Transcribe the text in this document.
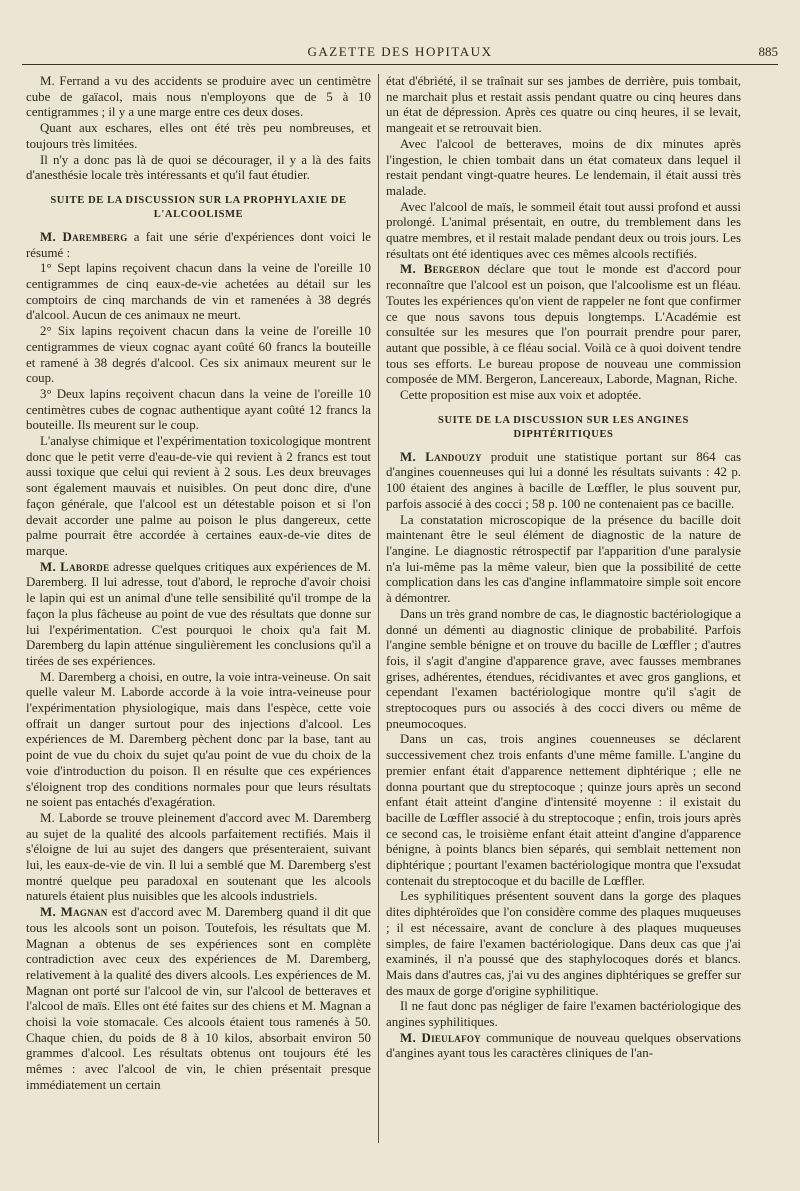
GAZETTE DES HOPITAUX	885

M. Ferrand a vu des accidents se produire avec un centimètre cube de gaïacol, mais nous n'employons que de 5 à 10 centigrammes ; il y a une marge entre ces deux doses.

Quant aux eschares, elles ont été très peu nombreuses, et toujours très limitées.

Il n'y a donc pas là de quoi se décourager, il y a là des faits d'anesthésie locale très intéressants et qu'il faut étudier.

SUITE DE LA DISCUSSION SUR LA PROPHYLAXIE DE L'ALCOOLISME

M. Daremberg a fait une série d'expériences dont voici le résumé :

1° Sept lapins reçoivent chacun dans la veine de l'oreille 10 centigrammes de cinq eaux-de-vie achetées au détail sur les comptoirs de cinq marchands de vin et ramenées à 38 degrés d'alcool. Aucun de ces animaux ne meurt.

2° Six lapins reçoivent chacun dans la veine de l'oreille 10 centigrammes de vieux cognac ayant coûté 60 francs la bouteille et ramené à 38 degrés d'alcool. Ces six animaux meurent sur le coup.

3° Deux lapins reçoivent chacun dans la veine de l'oreille 10 centimètres cubes de cognac authentique ayant coûté 12 francs la bouteille. Ils meurent sur le coup.

L'analyse chimique et l'expérimentation toxicologique montrent donc que le petit verre d'eau-de-vie qui revient à 2 francs est tout aussi toxique que celui qui revient à 2 sous. Les deux breuvages sont également mauvais et nuisibles. On peut donc dire, d'une façon générale, que l'alcool est un détestable poison et si l'on devait accorder une palme au poison le plus dangereux, cette palme pourrait être accordée à certaines eaux-de-vie dites de marque.

M. Laborde adresse quelques critiques aux expériences de M. Daremberg. Il lui adresse, tout d'abord, le reproche d'avoir choisi le lapin qui est un animal d'une telle sensibilité qu'il trompe de la façon la plus fâcheuse au point de vue des résultats que donne sur lui l'expérimentation. C'est pourquoi le choix qu'a fait M. Daremberg du lapin atténue singulièrement les conclusions qu'il a tirées de ses expériences.

M. Daremberg a choisi, en outre, la voie intra-veineuse. On sait quelle valeur M. Laborde accorde à la voie intra-veineuse pour l'expérimentation physiologique, mais dans l'espèce, cette voie offrait un danger surtout pour des injections d'alcool. Les expériences de M. Daremberg pèchent donc par la base, tant au point de vue du choix du sujet qu'au point de vue du choix de la voie d'introduction du poison. Il en résulte que ces expériences s'éloignent trop des conditions normales pour que leurs résultats ne soient pas entachés d'exagération.

M. Laborde se trouve pleinement d'accord avec M. Daremberg au sujet de la qualité des alcools parfaitement rectifiés. Mais il s'éloigne de lui au sujet des dangers que présenteraient, suivant lui, les eaux-de-vie de vin. Il lui a semblé que M. Daremberg s'est montré quelque peu paradoxal en soutenant que les alcools naturels étaient plus nuisibles que les alcools industriels.

M. Magnan est d'accord avec M. Daremberg quand il dit que tous les alcools sont un poison. Toutefois, les résultats que M. Magnan a obtenus de ses expériences sont en complète contradiction avec ceux des expériences de M. Daremberg, relativement à la qualité des divers alcools. Les expériences de M. Magnan ont porté sur l'alcool de vin, sur l'alcool de betteraves et l'alcool de maïs. Elles ont été faites sur des chiens et M. Magnan a choisi la voie stomacale. Ces alcools étaient tous ramenés à 50. Chaque chien, du poids de 8 à 10 kilos, absorbait environ 50 grammes d'alcool. Les résultats obtenus ont toujours été les mêmes : avec l'alcool de vin, le chien présentait presque immédiatement un certain

état d'ébriété, il se traînait sur ses jambes de derrière, puis tombait, ne marchait plus et restait assis pendant quatre ou cinq heures dans un état de dépression. Après ces quatre ou cinq heures, il se levait, mangeait et se retrouvait bien.

Avec l'alcool de betteraves, moins de dix minutes après l'ingestion, le chien tombait dans un état comateux dans lequel il restait pendant vingt-quatre heures. Le lendemain, il était aussi très malade.

Avec l'alcool de maïs, le sommeil était tout aussi profond et aussi prolongé. L'animal présentait, en outre, du tremblement dans les quatre membres, et il restait malade pendant deux ou trois jours. Les résultats ont été identiques avec ces mêmes alcools rectifiés.

M. Bergeron déclare que tout le monde est d'accord pour reconnaître que l'alcool est un poison, que l'alcoolisme est un fléau. Toutes les expériences qu'on vient de rappeler ne font que confirmer ce que nous savons tous depuis longtemps. L'Académie est consultée sur les mesures que l'on pourrait prendre pour parer, autant que possible, à ce fléau social. Voilà ce à quoi doivent tendre tous ses efforts. Le bureau propose de nouveau une commission composée de MM. Bergeron, Lancereaux, Laborde, Magnan, Riche.

Cette proposition est mise aux voix et adoptée.

SUITE DE LA DISCUSSION SUR LES ANGINES DIPHTÉRITIQUES

M. Landouzy produit une statistique portant sur 864 cas d'angines couenneuses qui lui a donné les résultats suivants : 42 p. 100 étaient des angines à bacille de Lœffler, le plus souvent pur, parfois associé à des cocci ; 58 p. 100 ne contenaient pas ce bacille.

La constatation microscopique de la présence du bacille doit maintenant être le seul élément de diagnostic de la nature de l'angine. Le diagnostic rétrospectif par l'apparition d'une paralysie n'a lui-même pas la même valeur, bien que la possibilité de cette complication dans les cas d'angine inflammatoire simple soit encore à démontrer.

Dans un très grand nombre de cas, le diagnostic bactériologique a donné un démenti au diagnostic clinique de probabilité. Parfois l'angine semble bénigne et on trouve du bacille de Lœffler ; d'autres fois, il s'agit d'angine d'apparence grave, avec fausses membranes grises, adhérentes, étendues, récidivantes et avec gros ganglions, et cependant l'examen bactériologique montre qu'il s'agit de streptocoques purs ou associés à des cocci divers ou même de pneumocoques.

Dans un cas, trois angines couenneuses se déclarent successivement chez trois enfants d'une même famille. L'angine du premier enfant était d'apparence nettement diphtérique ; elle ne donna pourtant que du streptocoque ; quinze jours après un second enfant était atteint d'angine d'intensité moyenne : il existait du bacille de Lœffler associé à du streptocoque ; enfin, trois jours après ce second cas, le troisième enfant était atteint d'angine d'apparence bénigne, à points blancs bien séparés, qui semblait nettement non diphtérique ; pourtant l'examen bactériologique montra que l'exsudat contenait du streptocoque et du bacille de Lœffler.

Les syphilitiques présentent souvent dans la gorge des plaques dites diphtéroïdes que l'on considère comme des plaques muqueuses ; il est nécessaire, avant de conclure à des plaques muqueuses simples, de faire l'examen bactériologique. Dans deux cas que j'ai examinés, il n'a poussé que des staphylocoques dorés et blancs. Mais dans d'autres cas, j'ai vu des angines diphtériques se greffer sur des maux de gorge d'origine syphilitique.

Il ne faut donc pas négliger de faire l'examen bactériologique des angines syphilitiques.

M. Dieulafoy communique de nouveau quelques observations d'angines ayant tous les caractères cliniques de l'an-
